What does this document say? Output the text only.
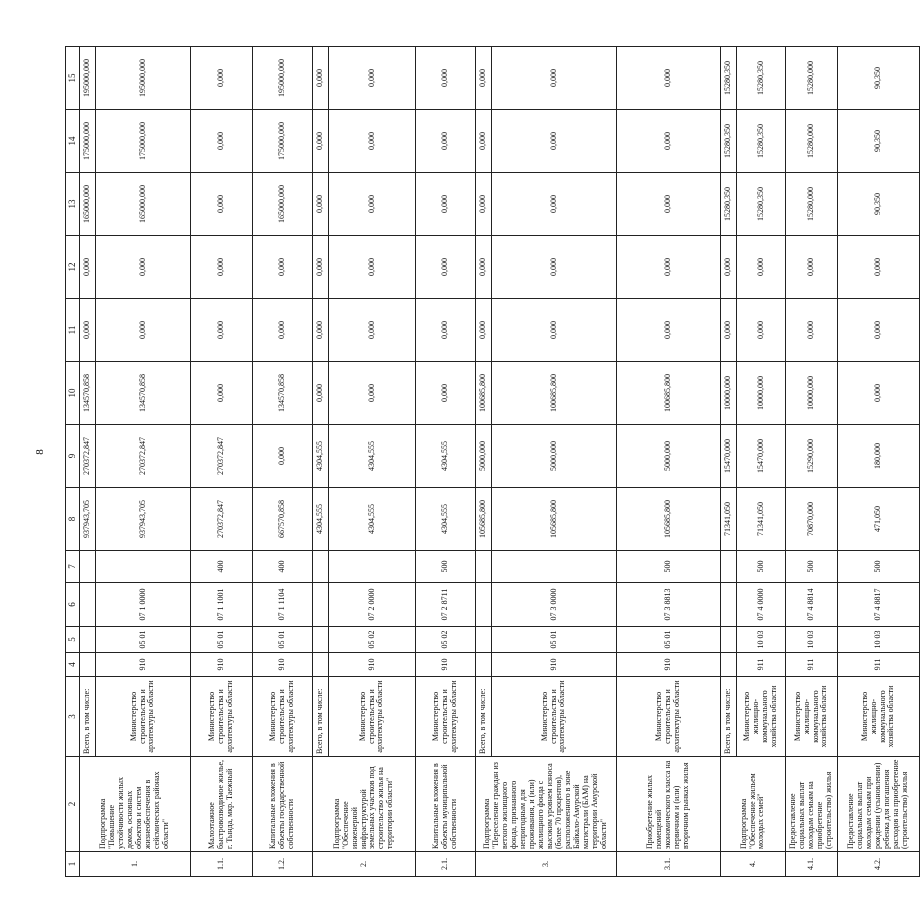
8
1	2	3	4	5	6	7	8	9	10	11	12	13	14	15
1.	Подпрограмма "Повышение устойчивости жилых домов, основных объектов и систем жизнеобеспечения в сейсмических районах области"	Всего, в том числе:					937943,705	270372,847	134570,858	0,000	0,000	165000,000	175000,000	195000,000
		Министерство строительства и архитектуры области	910	05 01	07 1 0000		937943,705	270372,847	134570,858	0,000	0,000	165000,000	175000,000	195000,000
1.1.	Малоэтажное быстровозводимое жилье, г. Тында, мкр. Таежный	Министерство строительства и архитектуры области	910	05 01	07 1 1001	400	270372,847	270372,847	0,000	0,000	0,000	0,000	0,000	0,000
1.2.	Капитальные вложения в объекты государственной собственности	Министерство строительства и архитектуры области	910	05 01	07 1 1104	400	667570,858	0,000	134570,858	0,000	0,000	165000,000	175000,000	195000,000
2.	Подпрограмма "Обеспечение инженерной инфраструктурой земельных участков под строительство жилья на территории области"	Всего, в том числе:					4304,555	4304,555	0,000	0,000	0,000	0,000	0,000	0,000
		Министерство строительства и архитектуры области	910	05 02	07 2 0000		4304,555	4304,555	0,000	0,000	0,000	0,000	0,000	0,000
2.1.	Капитальные вложения в объекты муниципальной собственности	Министерство строительства и архитектуры области	910	05 02	07 2 8711	500	4304,555	4304,555	0,000	0,000	0,000	0,000	0,000	0,000
3.	Подпрограмма "Переселение граждан из ветхого жилищного фонда, признанного непригодным для проживания, и (или) жилищного фонда с высоким уровнем износа (более 70 процентов), расположенного в зоне Байкало-Амурской магистрали (БАМ) на территории Амурской области"	Всего, в том числе:					105685,800	5000,000	100685,800	0,000	0,000	0,000	0,000	0,000
		Министерство строительства и архитектуры области	910	05 01	07 3 0000		105685,800	5000,000	100685,800	0,000	0,000	0,000	0,000	0,000
3.1.	Приобретение жилых помещений экономического класса на первичном и (или) вторичном рынках жилья	Министерство строительства и архитектуры области	910	05 01	07 3 8813	500	105685,800	5000,000	100685,800	0,000	0,000	0,000	0,000	0,000
4.	Подпрограмма "Обеспечение жильем молодых семей"	Всего, в том числе:					71341,050	15470,000	10000,000	0,000	0,000	15280,350	15280,350	15280,350
		Министерство жилищно-коммунального хозяйства области	911	10 03	07 4 0000	500	71341,050	15470,000	10000,000	0,000	0,000	15280,350	15280,350	15280,350
4.1.	Предоставление социальных выплат молодым семьям на приобретение (строительство) жилья	Министерство жилищно-коммунального хозяйства области	911	10 03	07 4 8814	500	70870,000	15290,000	10000,000	0,000	0,000	15280,000	15280,000	15280,000
4.2.	Предоставление социальных выплат молодым семьям при рождении (усыновлении) ребенка для погашения расходов на приобретение (строительство) жилья	Министерство жилищно-коммунального хозяйства области	911	10 03	07 4 8817	500	471,050	180,000	0,000	0,000	0,000	90,350	90,350	90,350
